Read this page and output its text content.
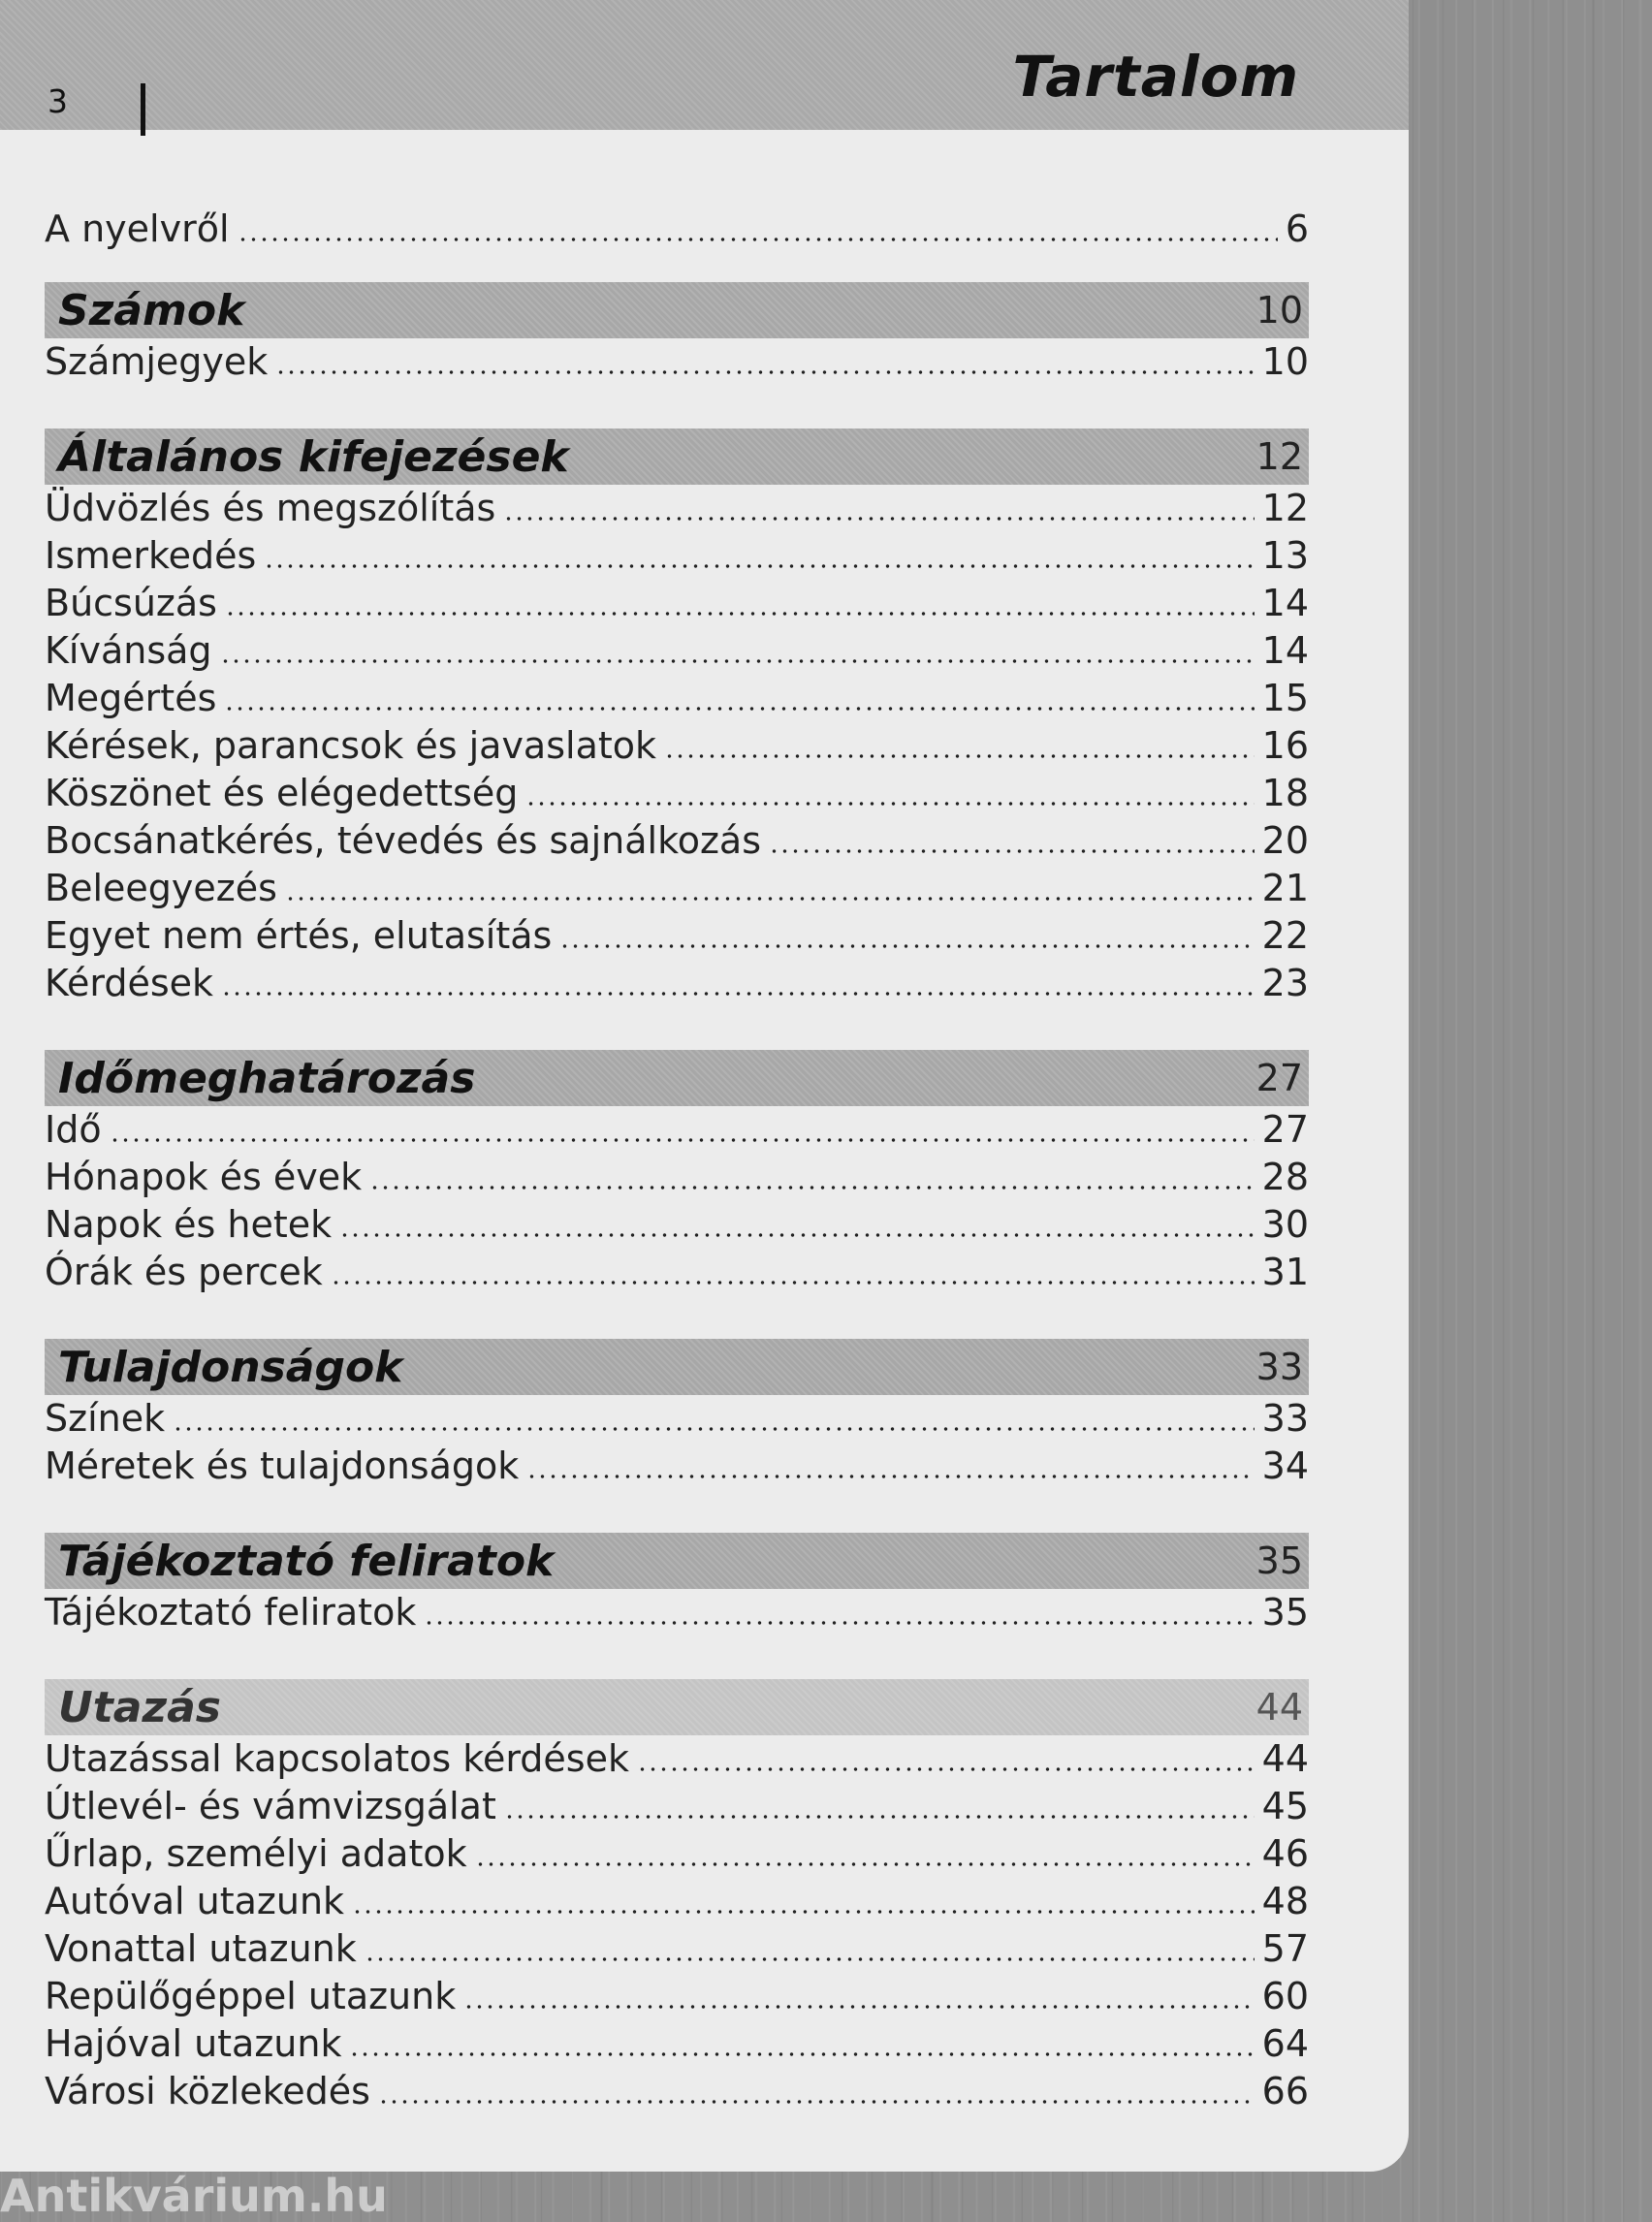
3	Tartalom
A nyelvről	6
Számok	10
Számjegyek	10
Általános kifejezések	12
Üdvözlés és megszólítás	12
Ismerkedés	13
Búcsúzás	14
Kívánság	14
Megértés	15
Kérések, parancsok és javaslatok	16
Köszönet és elégedettség	18
Bocsánatkérés, tévedés és sajnálkozás	20
Beleegyezés	21
Egyet nem értés, elutasítás	22
Kérdések	23
Időmeghatározás	27
Idő	27
Hónapok és évek	28
Napok és hetek	30
Órák és percek	31
Tulajdonságok	33
Színek	33
Méretek és tulajdonságok	34
Tájékoztató feliratok	35
Tájékoztató feliratok	35
Utazás	44
Utazással kapcsolatos kérdések	44
Útlevél- és vámvizsgálat	45
Űrlap, személyi adatok	46
Autóval utazunk	48
Vonattal utazunk	57
Repülőgéppel utazunk	60
Hajóval utazunk	64
Városi közlekedés	66
Antikvárium.hu
